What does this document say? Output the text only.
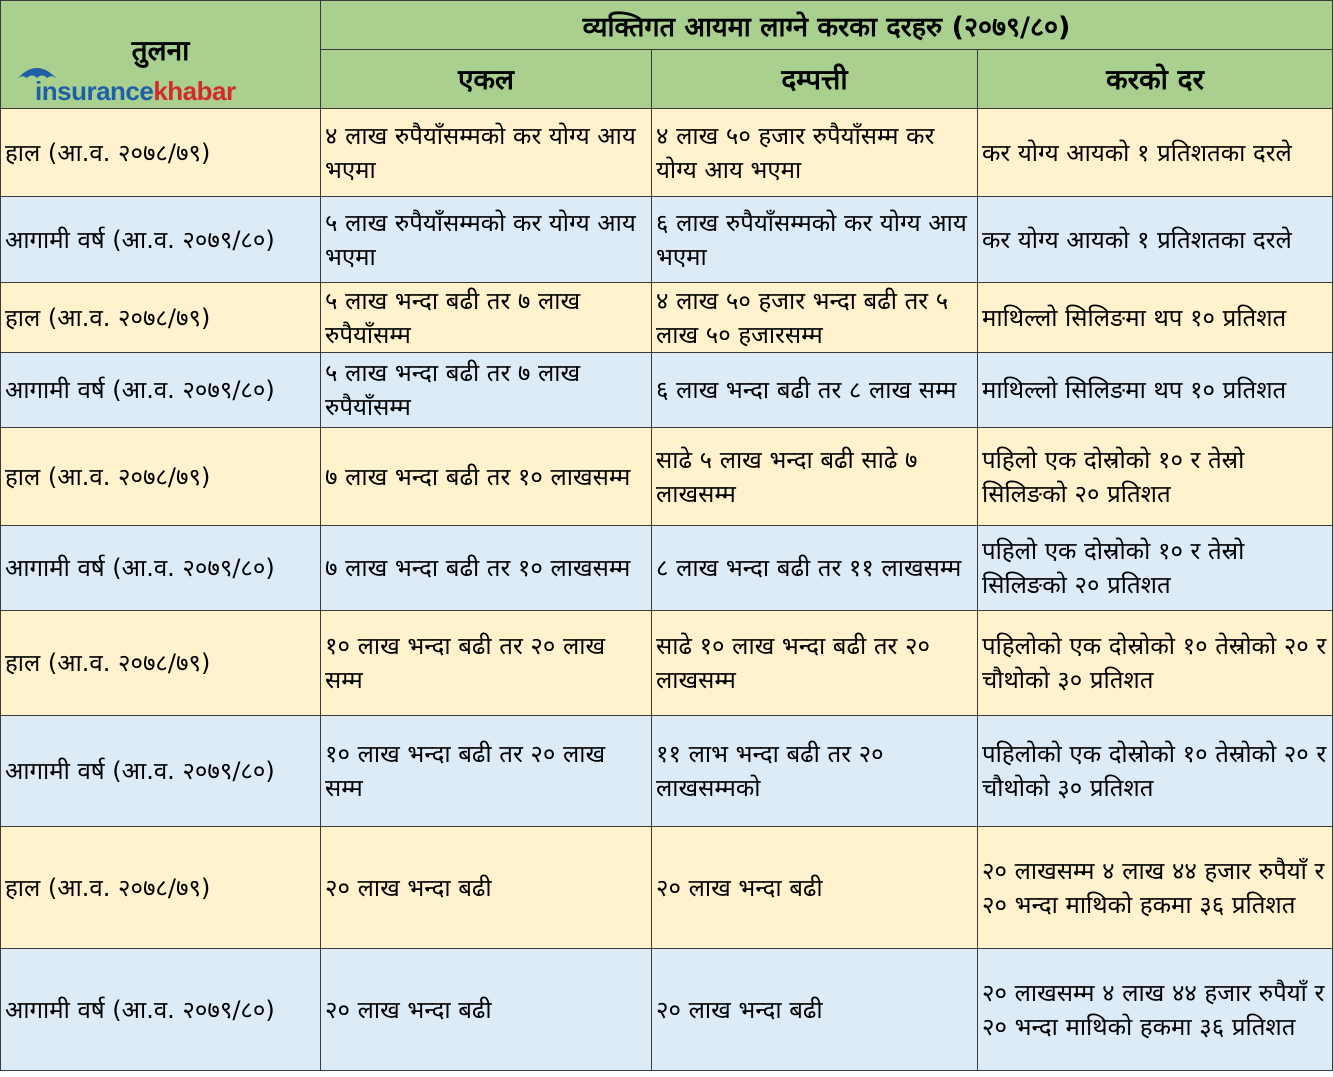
तुलना
insurancekhabar	व्यक्तिगत आयमा लाग्ने करका दरहरु (२०७९/८०)		
	एकल	दम्पत्ती	करको दर
हाल (आ.व. २०७८/७९)	४ लाख रुपैयाँसम्मको कर योग्य आय भएमा	४ लाख ५० हजार रुपैयाँसम्म कर योग्य आय भएमा	कर योग्य आयको १ प्रतिशतका दरले
आगामी वर्ष (आ.व. २०७९/८०)	५ लाख रुपैयाँसम्मको कर योग्य आय भएमा	६ लाख रुपैयाँसम्मको कर योग्य आय भएमा	कर योग्य आयको १ प्रतिशतका दरले
हाल (आ.व. २०७८/७९)	५ लाख भन्दा बढी तर ७ लाख रुपैयाँसम्म	४ लाख ५० हजार भन्दा बढी तर ५ लाख ५० हजारसम्म	माथिल्लो सिलिङमा थप १० प्रतिशत
आगामी वर्ष (आ.व. २०७९/८०)	५ लाख भन्दा बढी तर ७ लाख रुपैयाँसम्म	६ लाख भन्दा बढी तर ८ लाख सम्म	माथिल्लो सिलिङमा थप १० प्रतिशत
हाल (आ.व. २०७८/७९)	७ लाख भन्दा बढी तर १० लाखसम्म	साढे ५ लाख भन्दा बढी साढे ७ लाखसम्म	पहिलो एक दोस्रोको १० र तेस्रो सिलिङको २० प्रतिशत
आगामी वर्ष (आ.व. २०७९/८०)	७ लाख भन्दा बढी तर १० लाखसम्म	८ लाख भन्दा बढी तर ११ लाखसम्म	पहिलो एक दोस्रोको १० र तेस्रो सिलिङको २० प्रतिशत
हाल (आ.व. २०७८/७९)	१० लाख भन्दा बढी तर २० लाख सम्म	साढे १० लाख भन्दा बढी तर २० लाखसम्म	पहिलोको एक दोस्रोको १० तेस्रोको २० र चौथोको ३० प्रतिशत
आगामी वर्ष (आ.व. २०७९/८०)	१० लाख भन्दा बढी तर २० लाख सम्म	११ लाभ भन्दा बढी तर २० लाखसम्मको	पहिलोको एक दोस्रोको १० तेस्रोको २० र चौथोको ३० प्रतिशत
हाल (आ.व. २०७८/७९)	२० लाख भन्दा बढी	२० लाख भन्दा बढी	२० लाखसम्म ४ लाख ४४ हजार रुपैयाँ र २० भन्दा माथिको हकमा ३६ प्रतिशत
आगामी वर्ष (आ.व. २०७९/८०)	२० लाख भन्दा बढी	२० लाख भन्दा बढी	२० लाखसम्म ४ लाख ४४ हजार रुपैयाँ र २० भन्दा माथिको हकमा ३६ प्रतिशत
